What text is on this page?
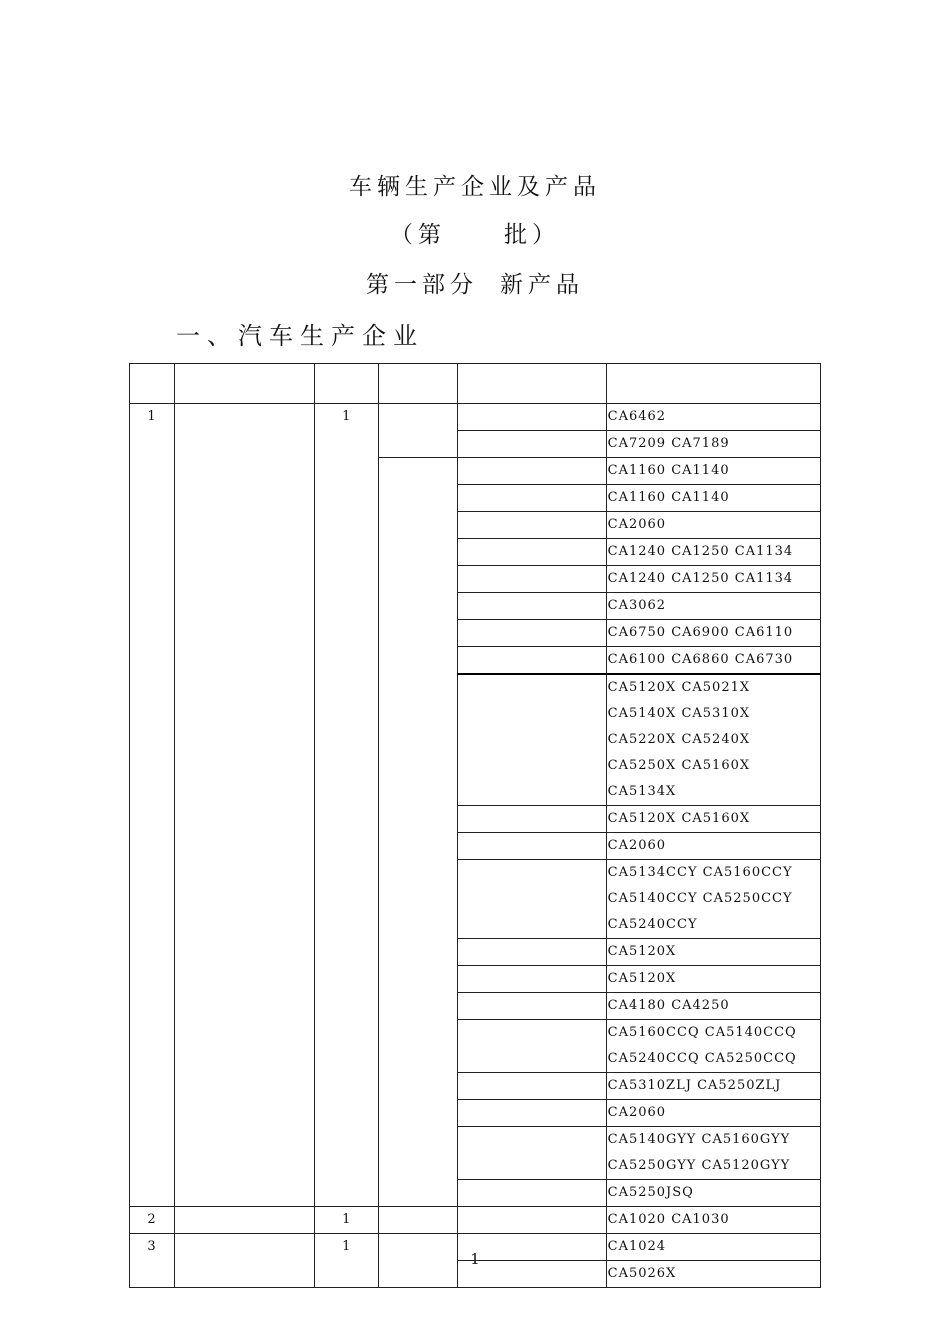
车辆生产企业及产品
（第	批）
第一部分 新产品
一、汽车生产企业

1		1			CA6462
					CA7209 CA7189
					CA1160 CA1140
					CA1160 CA1140
					CA2060
					CA1240 CA1250 CA1134
					CA1240 CA1250 CA1134
					CA3062
					CA6750 CA6900 CA6110
					CA6100 CA6860 CA6730
					CA5120X CA5021X CA5140X CA5310X CA5220X CA5240X CA5250X CA5160X CA5134X
					CA5120X CA5160X
					CA2060
					CA5134CCY CA5160CCY CA5140CCY CA5250CCY CA5240CCY
					CA5120X
					CA5120X
					CA4180 CA4250
					CA5160CCQ CA5140CCQ CA5240CCQ CA5250CCQ
					CA5310ZLJ CA5250ZLJ
					CA2060
					CA5140GYY CA5160GYY CA5250GYY CA5120GYY
					CA5250JSQ
2		1			CA1020 CA1030
3		1			CA1024
					CA5026X
1
